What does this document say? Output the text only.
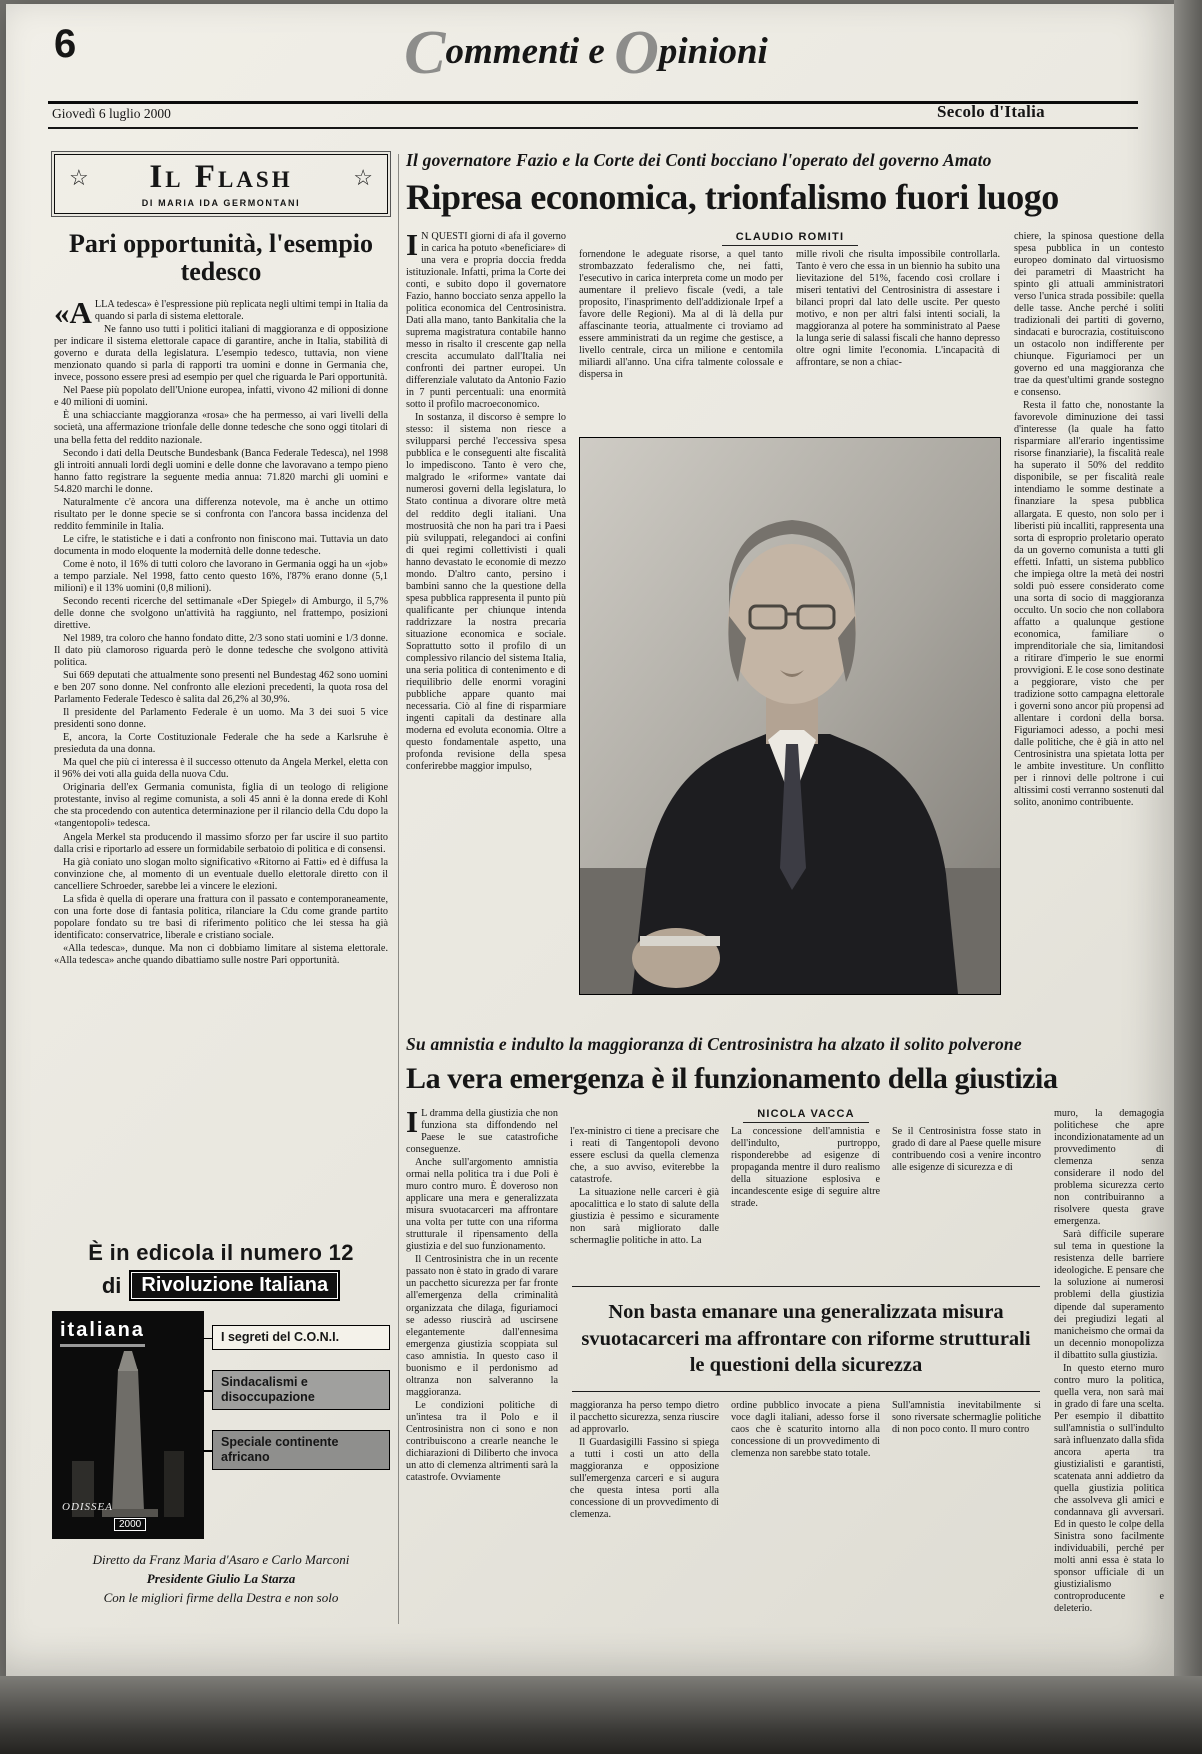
6	Commenti e Opinioni
Secolo d'Italia
Giovedì 6 luglio 2000
☆ Il Flash	☆
DI MARIA IDA GERMONTANI
Pari opportunità, l'esempio tedesco
«A LLA tedesca» è l'espressione più replicata negli ultimi tempi in Italia da quando si parla di sistema elettorale.

Ne fanno uso tutti i politici italiani di maggioranza e di opposizione per indicare il sistema elettorale capace di garantire, anche in Italia, stabilità di governo e durata della legislatura. L'esempio tedesco, tuttavia, non viene menzionato quando si parla di rapporti tra uomini e donne in Germania che, invece, possono essere presi ad esempio per quel che riguarda le Pari opportunità.

Nel Paese più popolato dell'Unione europea, infatti, vivono 42 milioni di donne e 40 milioni di uomini.

È una schiacciante maggioranza «rosa» che ha permesso, ai vari livelli della società, una affermazione trionfale delle donne tedesche che sono oggi titolari di una bella fetta del reddito nazionale.

Secondo i dati della Deutsche Bundesbank (Banca Federale Tedesca), nel 1998 gli introiti annuali lordi degli uomini e delle donne che lavoravano a tempo pieno hanno fatto registrare la seguente media annua: 71.820 marchi gli uomini e 54.820 marchi le donne.

Naturalmente c'è ancora una differenza notevole, ma è anche un ottimo risultato per le donne specie se si confronta con l'ancora bassa incidenza del reddito femminile in Italia.

Le cifre, le statistiche e i dati a confronto non finiscono mai. Tuttavia un dato documenta in modo eloquente la modernità delle donne tedesche.

Come è noto, il 16% di tutti coloro che lavorano in Germania oggi ha un «job» a tempo parziale. Nel 1998, fatto cento questo 16%, l'87% erano donne (5,1 milioni) e il 13% uomini (0,8 milioni).

Secondo recenti ricerche del settimanale «Der Spiegel» di Amburgo, il 5,7% delle donne che svolgono un'attività ha raggiunto, nel frattempo, posizioni direttive.

Nel 1989, tra coloro che hanno fondato ditte, 2/3 sono stati uomini e 1/3 donne. Il dato più clamoroso riguarda però le donne tedesche che svolgono attività politica.

Sui 669 deputati che attualmente sono presenti nel Bundestag 462 sono uomini e ben 207 sono donne. Nel confronto alle elezioni precedenti, la quota rosa del Parlamento Federale Tedesco è salita dal 26,2% al 30,9%.

Il presidente del Parlamento Federale è un uomo. Ma 3 dei suoi 5 vice presidenti sono donne.

E, ancora, la Corte Costituzionale Federale che ha sede a Karlsruhe è presieduta da una donna.

Ma quel che più ci interessa è il successo ottenuto da Angela Merkel, eletta con il 96% dei voti alla guida della nuova Cdu.

Originaria dell'ex Germania comunista, figlia di un teologo di religione protestante, inviso al regime comunista, a soli 45 anni è la donna erede di Kohl che sta procedendo con autentica determinazione per il rilancio della Cdu dopo la «tangentopoli» tedesca.

Angela Merkel sta producendo il massimo sforzo per far uscire il suo partito dalla crisi e riportarlo ad essere un formidabile serbatoio di politica e di consensi.

Ha già coniato uno slogan molto significativo «Ritorno ai Fatti» ed è diffusa la convinzione che, al momento di un eventuale duello elettorale diretto con il cancelliere Schroeder, sarebbe lei a vincere le elezioni.

La sfida è quella di operare una frattura con il passato e contemporaneamente, con una forte dose di fantasia politica, rilanciare la Cdu come grande partito popolare fondato su tre basi di riferimento politico che lei stessa ha già identificato: conservatrice, liberale e cristiano sociale.

«Alla tedesca», dunque. Ma non ci dobbiamo limitare al sistema elettorale. «Alla tedesca» anche quando dibattiamo sulle nostre Pari opportunità.

È in edicola il numero 12
di	Rivoluzione Italiana
italiana
ODISSEA
2000
I segreti del C.O.N.I.
Sindacalismi e disoccupazione
Speciale continente africano
Diretto da Franz Maria d'Asaro e Carlo Marconi
Presidente Giulio La Starza
Con le migliori firme della Destra e non solo
Il governatore Fazio e la Corte dei Conti bocciano l'operato del governo Amato
Ripresa economica, trionfalismo fuori luogo
I N QUESTI giorni di afa il governo in carica ha potuto «beneficiare» di una vera e propria doccia fredda istituzionale. Infatti, prima la Corte dei conti, e subito dopo il governatore Fazio, hanno bocciato senza appello la politica economica del Centrosinistra. Dati alla mano, tanto Bankitalia che la suprema magistratura contabile hanno messo in risalto il crescente gap nella crescita accumulato dall'Italia nei confronti dei partner europei. Un differenziale valutato da Antonio Fazio in 7 punti percentuali: una enormità sotto il profilo macroeconomico.

In sostanza, il discorso è sempre lo stesso: il sistema non riesce a svilupparsi perché l'eccessiva spesa pubblica e le conseguenti alte fiscalità lo impediscono. Tanto è vero che, malgrado le «riforme» vantate dai numerosi governi della legislatura, lo Stato continua a divorare oltre metà del reddito degli italiani. Una mostruosità che non ha pari tra i Paesi più sviluppati, relegandoci ai confini di quei regimi collettivisti i quali hanno devastato le economie di mezzo mondo. D'altro canto, persino i bambini sanno che la questione della spesa pubblica rappresenta il punto più qualificante per chiunque intenda raddrizzare la nostra precaria situazione economica e sociale. Soprattutto sotto il profilo di un complessivo rilancio del sistema Italia, una seria politica di contenimento e di riequilibrio delle enormi voragini pubbliche appare quanto mai necessaria. Ciò al fine di risparmiare ingenti capitali da destinare alla moderna ed evoluta economia. Oltre a questo fondamentale aspetto, una profonda revisione della spesa conferirebbe maggior impulso,

CLAUDIO ROMITI

fornendone le adeguate risorse, a quel tanto strombazzato federalismo che, nei fatti, l'esecutivo in carica interpreta come un modo per aumentare il prelievo fiscale (vedi, a tale proposito, l'inasprimento dell'addizionale Irpef a favore delle Regioni). Ma al di là della pur affascinante teoria, attualmente ci troviamo ad essere amministrati da un regime che gestisce, a livello centrale, circa un milione e centomila miliardi all'anno. Una cifra talmente colossale e dispersa in

mille rivoli che risulta impossibile controllarla. Tanto è vero che essa in un biennio ha subito una lievitazione del 51%, facendo così crollare i miseri tentativi del Centrosinistra di assestare i bilanci propri dal lato delle uscite. Per questo motivo, e non per altri falsi intenti sociali, la maggioranza al potere ha somministrato al Paese la lunga serie di salassi fiscali che hanno depresso oltre ogni limite l'economia. L'incapacità di affrontare, se non a chiac-

chiere, la spinosa questione della spesa pubblica in un contesto europeo dominato dal virtuosismo dei parametri di Maastricht ha spinto gli attuali amministratori verso l'unica strada possibile: quella delle tasse. Anche perché i soliti tradizionali dei partiti di governo, sindacati e burocrazia, costituiscono un ostacolo non indifferente per chiunque. Figuriamoci per un governo ed una maggioranza che trae da quest'ultimi grande sostegno e consenso.

Resta il fatto che, nonostante la favorevole diminuzione dei tassi d'interesse (la quale ha fatto risparmiare all'erario ingentissime risorse finanziarie), la fiscalità reale ha superato il 50% del reddito disponibile, se per fiscalità reale intendiamo le somme destinate a finanziare la spesa pubblica allargata. E questo, non solo per i liberisti più incalliti, rappresenta una sorta di esproprio proletario operato da un governo comunista a tutti gli effetti. Infatti, un sistema pubblico che impiega oltre la metà dei nostri soldi può essere considerato come una sorta di socio di maggioranza occulto. Un socio che non collabora affatto a qualunque gestione economica, familiare o imprenditoriale che sia, limitandosi a ritirare d'imperio le sue enormi provvigioni. E le cose sono destinate a peggiorare, visto che per tradizione sotto campagna elettorale i governi sono ancor più propensi ad allentare i cordoni della borsa. Figuriamoci adesso, a pochi mesi dalle politiche, che è già in atto nel Centrosinistra una spietata lotta per le ambite investiture. Un conflitto per i rinnovi delle poltrone i cui altissimi costi verranno sostenuti dal solito, anonimo contribuente.

Su amnistia e indulto la maggioranza di Centrosinistra ha alzato il solito polverone
La vera emergenza è il funzionamento della giustizia
I L dramma della giustizia che non funziona sta diffondendo nel Paese le sue catastrofiche conseguenze.

Anche sull'argomento amnistia ormai nella politica tra i due Poli è muro contro muro. È doveroso non applicare una mera e generalizzata misura svuotacarceri ma affrontare una volta per tutte con una riforma strutturale il ripensamento della giustizia e del suo funzionamento.

Il Centrosinistra che in un recente passato non è stato in grado di varare un pacchetto sicurezza per far fronte all'emergenza della criminalità organizzata che dilaga, figuriamoci se adesso riuscirà ad uscirsene elegantemente dall'ennesima emergenza giustizia scoppiata sul caso amnistia. In questo caso il buonismo e il perdonismo ad oltranza non salveranno la maggioranza.

Le condizioni politiche di un'intesa tra il Polo e il Centrosinistra non ci sono e non contribuiscono a crearle neanche le dichiarazioni di Diliberto che invoca un atto di clemenza altrimenti sarà la catastrofe. Ovviamente

NICOLA VACCA

l'ex-ministro ci tiene a precisare che i reati di Tangentopoli devono essere esclusi da quella clemenza che, a suo avviso, eviterebbe la catastrofe.

La situazione nelle carceri è già apocalittica e lo stato di salute della giustizia è pessimo e sicuramente non sarà migliorato dalle schermaglie politiche in atto. La

La concessione dell'amnistia e dell'indulto, purtroppo, risponderebbe ad esigenze di propaganda mentre il duro realismo della situazione esplosiva e incandescente esige di seguire altre strade.

Se il Centrosinistra fosse stato in grado di dare al Paese quelle misure contribuendo così a venire incontro alle esigenze di sicurezza e di

Non basta emanare una generalizzata misura svuotacarceri ma affrontare con riforme strutturali le questioni della sicurezza

maggioranza ha perso tempo dietro il pacchetto sicurezza, senza riuscire ad approvarlo.

Il Guardasigilli Fassino si spiega a tutti i costi un atto della maggioranza e opposizione sull'emergenza carceri e si augura che questa intesa porti alla concessione di un provvedimento di clemenza.

ordine pubblico invocate a piena voce dagli italiani, adesso forse il caos che è scaturito intorno alla concessione di un provvedimento di clemenza non sarebbe stato totale.

Sull'amnistia inevitabilmente si sono riversate schermaglie politiche di non poco conto. Il muro contro

muro, la demagogia politichese che apre incondizionatamente ad un provvedimento di clemenza senza considerare il nodo del problema sicurezza certo non contribuiranno a risolvere questa grave emergenza.

Sarà difficile superare sul tema in questione la resistenza delle barriere ideologiche. E pensare che la soluzione ai numerosi problemi della giustizia dipende dal superamento dei pregiudizi legati al manicheismo che ormai da un decennio monopolizza il dibattito sulla giustizia.

In questo eterno muro contro muro la politica, quella vera, non sarà mai in grado di fare una scelta. Per esempio il dibattito sull'amnistia o sull'indulto sarà influenzato dalla sfida ancora aperta tra giustizialisti e garantisti, scatenata anni addietro da quella giustizia politica che assolveva gli amici e condannava gli avversari. Ed in questo le colpe della Sinistra sono facilmente individuabili, perché per molti anni essa è stata lo sponsor ufficiale di un giustizialismo controproducente e deleterio.
